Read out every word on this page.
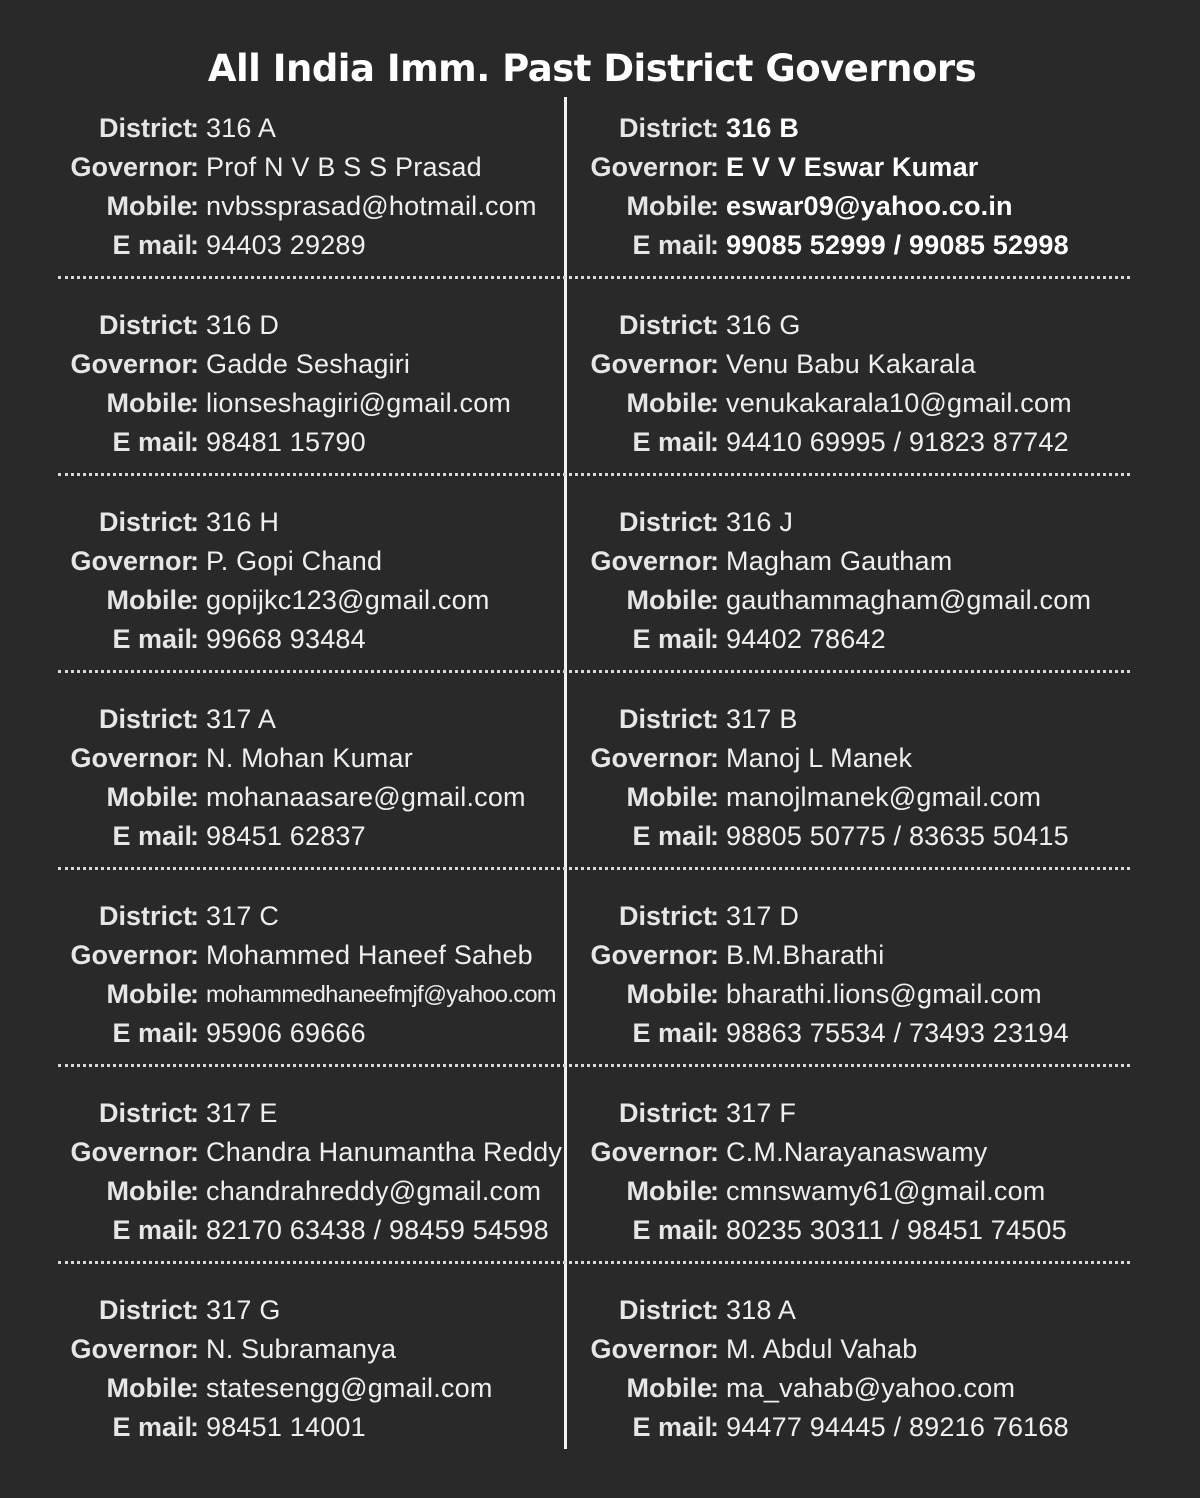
All India Imm. Past District Governors
District
: 316 A
Governor
: Prof N V B S S Prasad
Mobile
: nvbssprasad@hotmail.com
E mail
: 94403 29289
District
: 316 B
Governor
: E V V Eswar Kumar
Mobile
: eswar09@yahoo.co.in
E mail
: 99085 52999 / 99085 52998
District
: 316 D
Governor
: Gadde Seshagiri
Mobile
: lionseshagiri@gmail.com
E mail
: 98481 15790
District
: 316 G
Governor
: Venu Babu Kakarala
Mobile
: venukakarala10@gmail.com
E mail
: 94410 69995 / 91823 87742
District
: 316 H
Governor
: P. Gopi Chand
Mobile
: gopijkc123@gmail.com
E mail
: 99668 93484
District
: 316 J
Governor
: Magham Gautham
Mobile
: gauthammagham@gmail.com
E mail
: 94402 78642
District
: 317 A
Governor
: N. Mohan Kumar
Mobile
: mohanaasare@gmail.com
E mail
: 98451 62837
District
: 317 B
Governor
: Manoj L Manek
Mobile
: manojlmanek@gmail.com
E mail
: 98805 50775 / 83635 50415
District
: 317 C
Governor
: Mohammed Haneef Saheb
Mobile
: mohammedhaneefmjf@yahoo.com
E mail
: 95906 69666
District
: 317 D
Governor
: B.M.Bharathi
Mobile
: bharathi.lions@gmail.com
E mail
: 98863 75534 / 73493 23194
District
: 317 E
Governor
: Chandra Hanumantha Reddy
Mobile
: chandrahreddy@gmail.com
E mail
: 82170 63438 / 98459 54598
District
: 317 F
Governor
: C.M.Narayanaswamy
Mobile
: cmnswamy61@gmail.com
E mail
: 80235 30311 / 98451 74505
District
: 317 G
Governor
: N. Subramanya
Mobile
: statesengg@gmail.com
E mail
: 98451 14001
District
: 318 A
Governor
: M. Abdul Vahab
Mobile
: ma_vahab@yahoo.com
E mail
: 94477 94445 / 89216 76168
